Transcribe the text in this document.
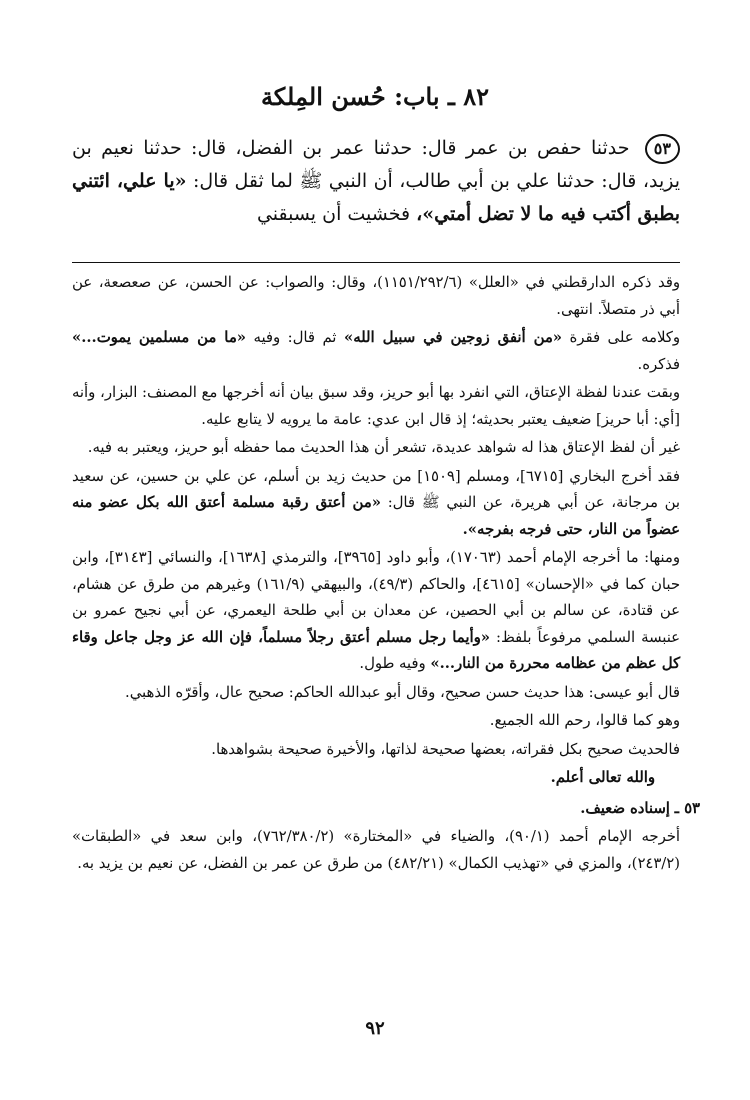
٨٢ ـ باب: حُسن المِلكة

٥٣ حدثنا حفص بن عمر قال: حدثنا عمر بن الفضل، قال: حدثنا نعيم بن يزيد، قال: حدثنا علي بن أبي طالب، أن النبي ﷺ لما ثقل قال: «يا علي، ائتني بطبق أكتب فيه ما لا تضل أمتي»، فخشيت أن يسبقني

وقد ذكره الدارقطني في «العلل» (١١٥١/٢٩٢/٦)، وقال: والصواب: عن الحسن، عن صعصعة، عن أبي ذر متصلاً. انتهى.

وكلامه على فقرة «من أنفق زوجين في سبيل الله» ثم قال: وفيه «ما من مسلمين يموت...» فذكره.

وبقت عندنا لفظة الإعتاق، التي انفرد بها أبو حريز، وقد سبق بيان أنه أخرجها مع المصنف: البزار، وأنه [أي: أبا حريز] ضعيف يعتبر بحديثه؛ إذ قال ابن عدي: عامة ما يرويه لا يتابع عليه.

غير أن لفظ الإعتاق هذا له شواهد عديدة، تشعر أن هذا الحديث مما حفظه أبو حريز، ويعتبر به فيه.

فقد أخرج البخاري [٦٧١٥]، ومسلم [١٥٠٩] من حديث زيد بن أسلم، عن علي بن حسين، عن سعيد بن مرجانة، عن أبي هريرة، عن النبي ﷺ قال: «من أعتق رقبة مسلمة أعتق الله بكل عضو منه عضواً من النار، حتى فرجه بفرجه».

ومنها: ما أخرجه الإمام أحمد (١٧٠٦٣)، وأبو داود [٣٩٦٥]، والترمذي [١٦٣٨]، والنسائي [٣١٤٣]، وابن حبان كما في «الإحسان» [٤٦١٥]، والحاكم (٤٩/٣)، والبيهقي (١٦١/٩) وغيرهم من طرق عن هشام، عن قتادة، عن سالم بن أبي الحصين، عن معدان بن أبي طلحة اليعمري، عن أبي نجيح عمرو بن عنبسة السلمي مرفوعاً بلفظ: «وأيما رجل مسلم أعتق رجلاً مسلماً، فإن الله عز وجل جاعل وقاء كل عظم من عظامه محررة من النار...» وفيه طول.

قال أبو عيسى: هذا حديث حسن صحيح، وقال أبو عبدالله الحاكم: صحيح عال، وأقرّه الذهبي.

وهو كما قالوا، رحم الله الجميع.

فالحديث صحيح بكل فقراته، بعضها صحيحة لذاتها، والأخيرة صحيحة بشواهدها.

والله تعالى أعلم.

٥٣ ـ إسناده ضعيف.

أخرجه الإمام أحمد (٩٠/١)، والضياء في «المختارة» (٧٦٢/٣٨٠/٢)، وابن سعد في «الطبقات» (٢٤٣/٢)، والمزي في «تهذيب الكمال» (٤٨٢/٢١) من طرق عن عمر بن الفضل، عن نعيم بن يزيد به.

٩٢
